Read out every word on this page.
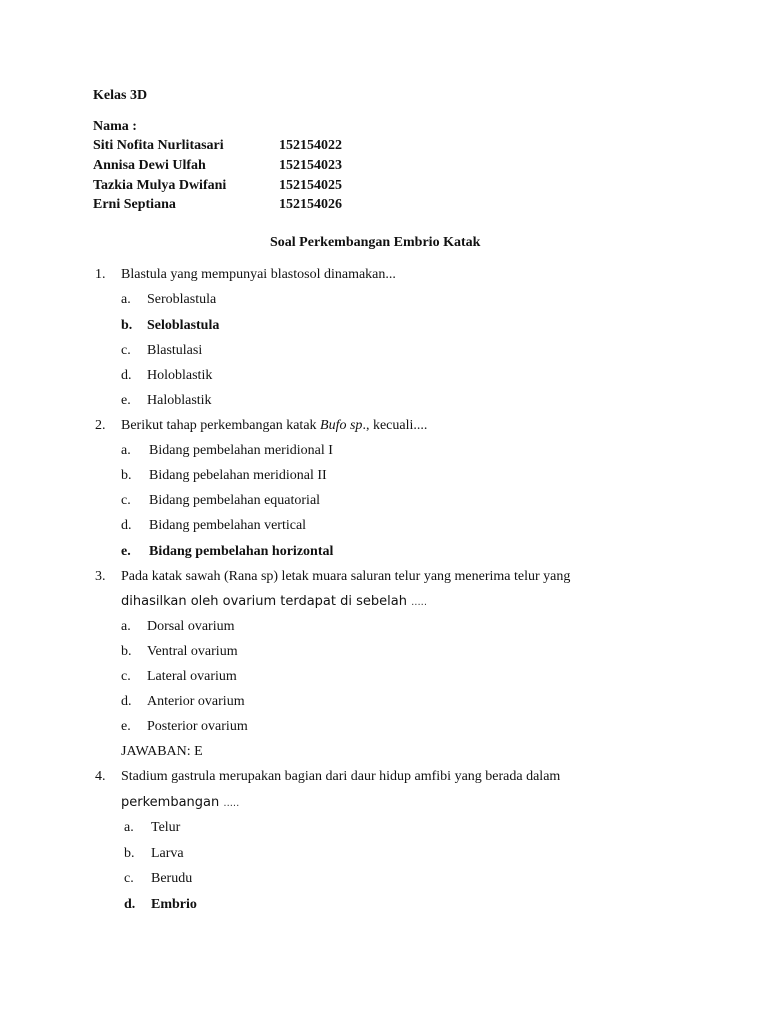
Kelas 3D
Nama :
Siti Nofita Nurlitasari	152154022
Annisa Dewi Ulfah	152154023
Tazkia Mulya Dwifani	152154025
Erni Septiana	152154026
Soal Perkembangan Embrio Katak
1. Blastula yang mempunyai blastosol dinamakan...
a. Seroblastula
b. Seloblastula
c. Blastulasi
d. Holoblastik
e. Haloblastik
2. Berikut tahap perkembangan katak Bufo sp., kecuali....
a. Bidang pembelahan meridional I
b. Bidang pebelahan meridional II
c. Bidang pembelahan equatorial
d. Bidang pembelahan vertical
e. Bidang pembelahan horizontal
3. Pada katak sawah (Rana sp) letak muara saluran telur yang menerima telur yang
dihasilkan oleh ovarium terdapat di sebelah .....
a. Dorsal ovarium
b. Ventral ovarium
c. Lateral ovarium
d. Anterior ovarium
e. Posterior ovarium
JAWABAN: E
4. Stadium gastrula merupakan bagian dari daur hidup amfibi yang berada dalam
perkembangan .....
a. Telur
b. Larva
c. Berudu
d. Embrio
